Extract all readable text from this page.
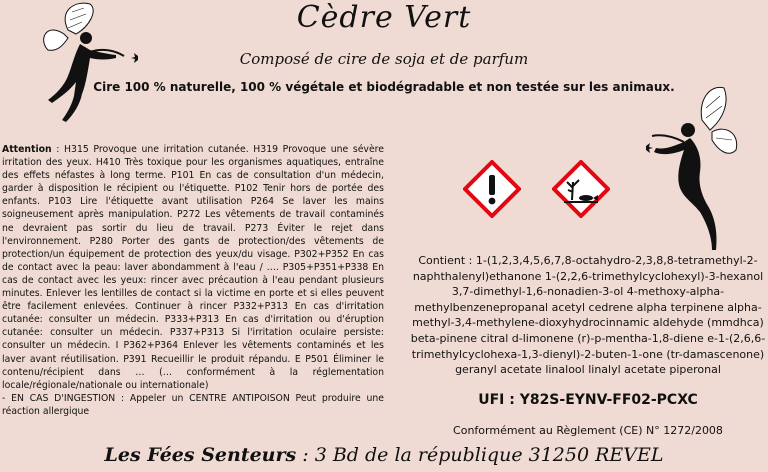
Cèdre Vert
Composé de cire de soja et de parfum
Cire 100 % naturelle, 100 % végétale et biodégradable et non testée sur les animaux.
Attention : H315 Provoque une irritation cutanée. H319 Provoque une sévère irritation des yeux. H410 Très toxique pour les organismes aquatiques, entraîne des effets néfastes à long terme. P101 En cas de consultation d'un médecin, garder à disposition le récipient ou l'étiquette. P102 Tenir hors de portée des enfants. P103 Lire l'étiquette avant utilisation P264 Se laver les mains soigneusement après manipulation. P272 Les vêtements de travail contaminés ne devraient pas sortir du lieu de travail. P273 Éviter le rejet dans l'environnement. P280 Porter des gants de protection/des vêtements de protection/un équipement de protection des yeux/du visage. P302+P352 En cas de contact avec la peau: laver abondamment à l'eau / …. P305+P351+P338 En cas de contact avec les yeux: rincer avec précaution à l'eau pendant plusieurs minutes. Enlever les lentilles de contact si la victime en porte et si elles peuvent être facilement enlevées. Continuer à rincer P332+P313 En cas d'irritation cutanée: consulter un médecin. P333+P313 En cas d'irritation ou d'éruption cutanée: consulter un médecin. P337+P313 Si l'irritation oculaire persiste: consulter un médecin. I P362+P364 Enlever les vêtements contaminés et les laver avant réutilisation. P391 Recueillir le produit répandu. E P501 Éliminer le contenu/récipient dans … (… conformément à la réglementation locale/régionale/nationale ou internationale)
- EN CAS D'INGESTION : Appeler un CENTRE ANTIPOISON Peut produire une réaction allergique
Contient : 1-(1,2,3,4,5,6,7,8-octahydro-2,3,8,8-tetramethyl-2-naphthalenyl)ethanone 1-(2,2,6-trimethylcyclohexyl)-3-hexanol 3,7-dimethyl-1,6-nonadien-3-ol 4-methoxy-alpha-methylbenzenepropanal acetyl cedrene alpha terpinene alpha-methyl-3,4-methylene-dioxyhydrocinnamic aldehyde (mmdhca) beta-pinene citral d-limonene (r)-p-mentha-1,8-diene e-1-(2,6,6-trimethylcyclohexa-1,3-dienyl)-2-buten-1-one (tr-damascenone) geranyl acetate linalool linalyl acetate piperonal
UFI : Y82S-EYNV-FF02-PCXC
Conformément au Règlement (CE) N° 1272/2008
Les Fées Senteurs : 3 Bd de la république 31250 REVEL
